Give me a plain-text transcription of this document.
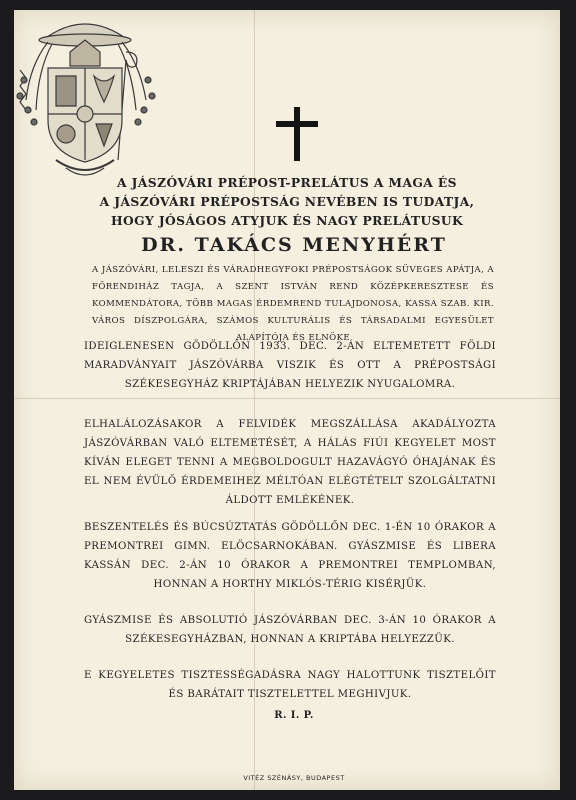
A JÁSZÓVÁRI PRÉPOST-PRELÁTUS A MAGA ÉS
A JÁSZÓVÁRI PRÉPOSTSÁG NEVÉBEN IS TUDATJA,
HOGY JÓSÁGOS ATYJUK ÉS NAGY PRELÁTUSUK
DR. TAKÁCS MENYHÉRT
A JÁSZÓVÁRI, LELESZI ÉS VÁRADHEGYFOKI PRÉPOSTSÁGOK SÜVEGES APÁTJA, A FŐRENDIHÁZ TAGJA, A SZENT ISTVÁN REND KÖZÉPKERESZTESE ÉS KOMMENDÁTORA, TÖBB MAGAS ÉRDEMREND TULAJDONOSA, KASSA SZAB. KIR. VÁROS DÍSZPOLGÁRA, SZÁMOS KULTURÁLIS ÉS TÁRSADALMI EGYESÜLET ALAPÍTÓJA ÉS ELNÖKE
IDEIGLENESEN GÖDÖLLŐN 1933. DEC. 2-ÁN ELTEMETETT FÖLDI MARADVÁNYAIT JÁSZÓVÁRBA VISZIK ÉS OTT A PRÉPOSTSÁGI SZÉKESEGYHÁZ KRIPTÁJÁBAN HELYEZIK NYUGALOMRA.
ELHALÁLOZÁSAKOR A FELVIDÉK MEGSZÁLLÁSA AKADÁLYOZTA JÁSZÓVÁRBAN VALÓ ELTEMETÉSÉT, A HÁLÁS FIÚI KEGYELET MOST KÍVÁN ELEGET TENNI A MEGBOLDOGULT HAZAVÁGYÓ ÓHAJÁNAK ÉS EL NEM ÉVÜLŐ ÉRDEMEIHEZ MÉLTÓAN ELÉGTÉTELT SZOLGÁLTATNI ÁLDOTT EMLÉKÉNEK.
BESZENTELÉS ÉS BÚCSÚZTATÁS GÖDÖLLŐN DEC. 1-ÉN 10 ÓRAKOR A PREMONTREI GIMN. ELÖCSARNOKÁBAN. GYÁSZMISE ÉS LIBERA KASSÁN DEC. 2-ÁN 10 ÓRAKOR A PREMONTREI TEMPLOMBAN, HONNAN A HORTHY MIKLÓS-TÉRIG KISÉRJÜK.
GYÁSZMISE ÉS ABSOLUTIÓ JÁSZÓVÁRBAN DEC. 3-ÁN 10 ÓRAKOR A SZÉKESEGYHÁZBAN, HONNAN A KRIPTÁBA HELYEZZÜK.
E KEGYELETES TISZTESSÉGADÁSRA NAGY HALOTTUNK TISZTELŐIT ÉS BARÁTAIT TISZTELETTEL MEGHIVJUK.
R. I. P.
VITÉZ SZÉNÁSY, BUDAPEST
